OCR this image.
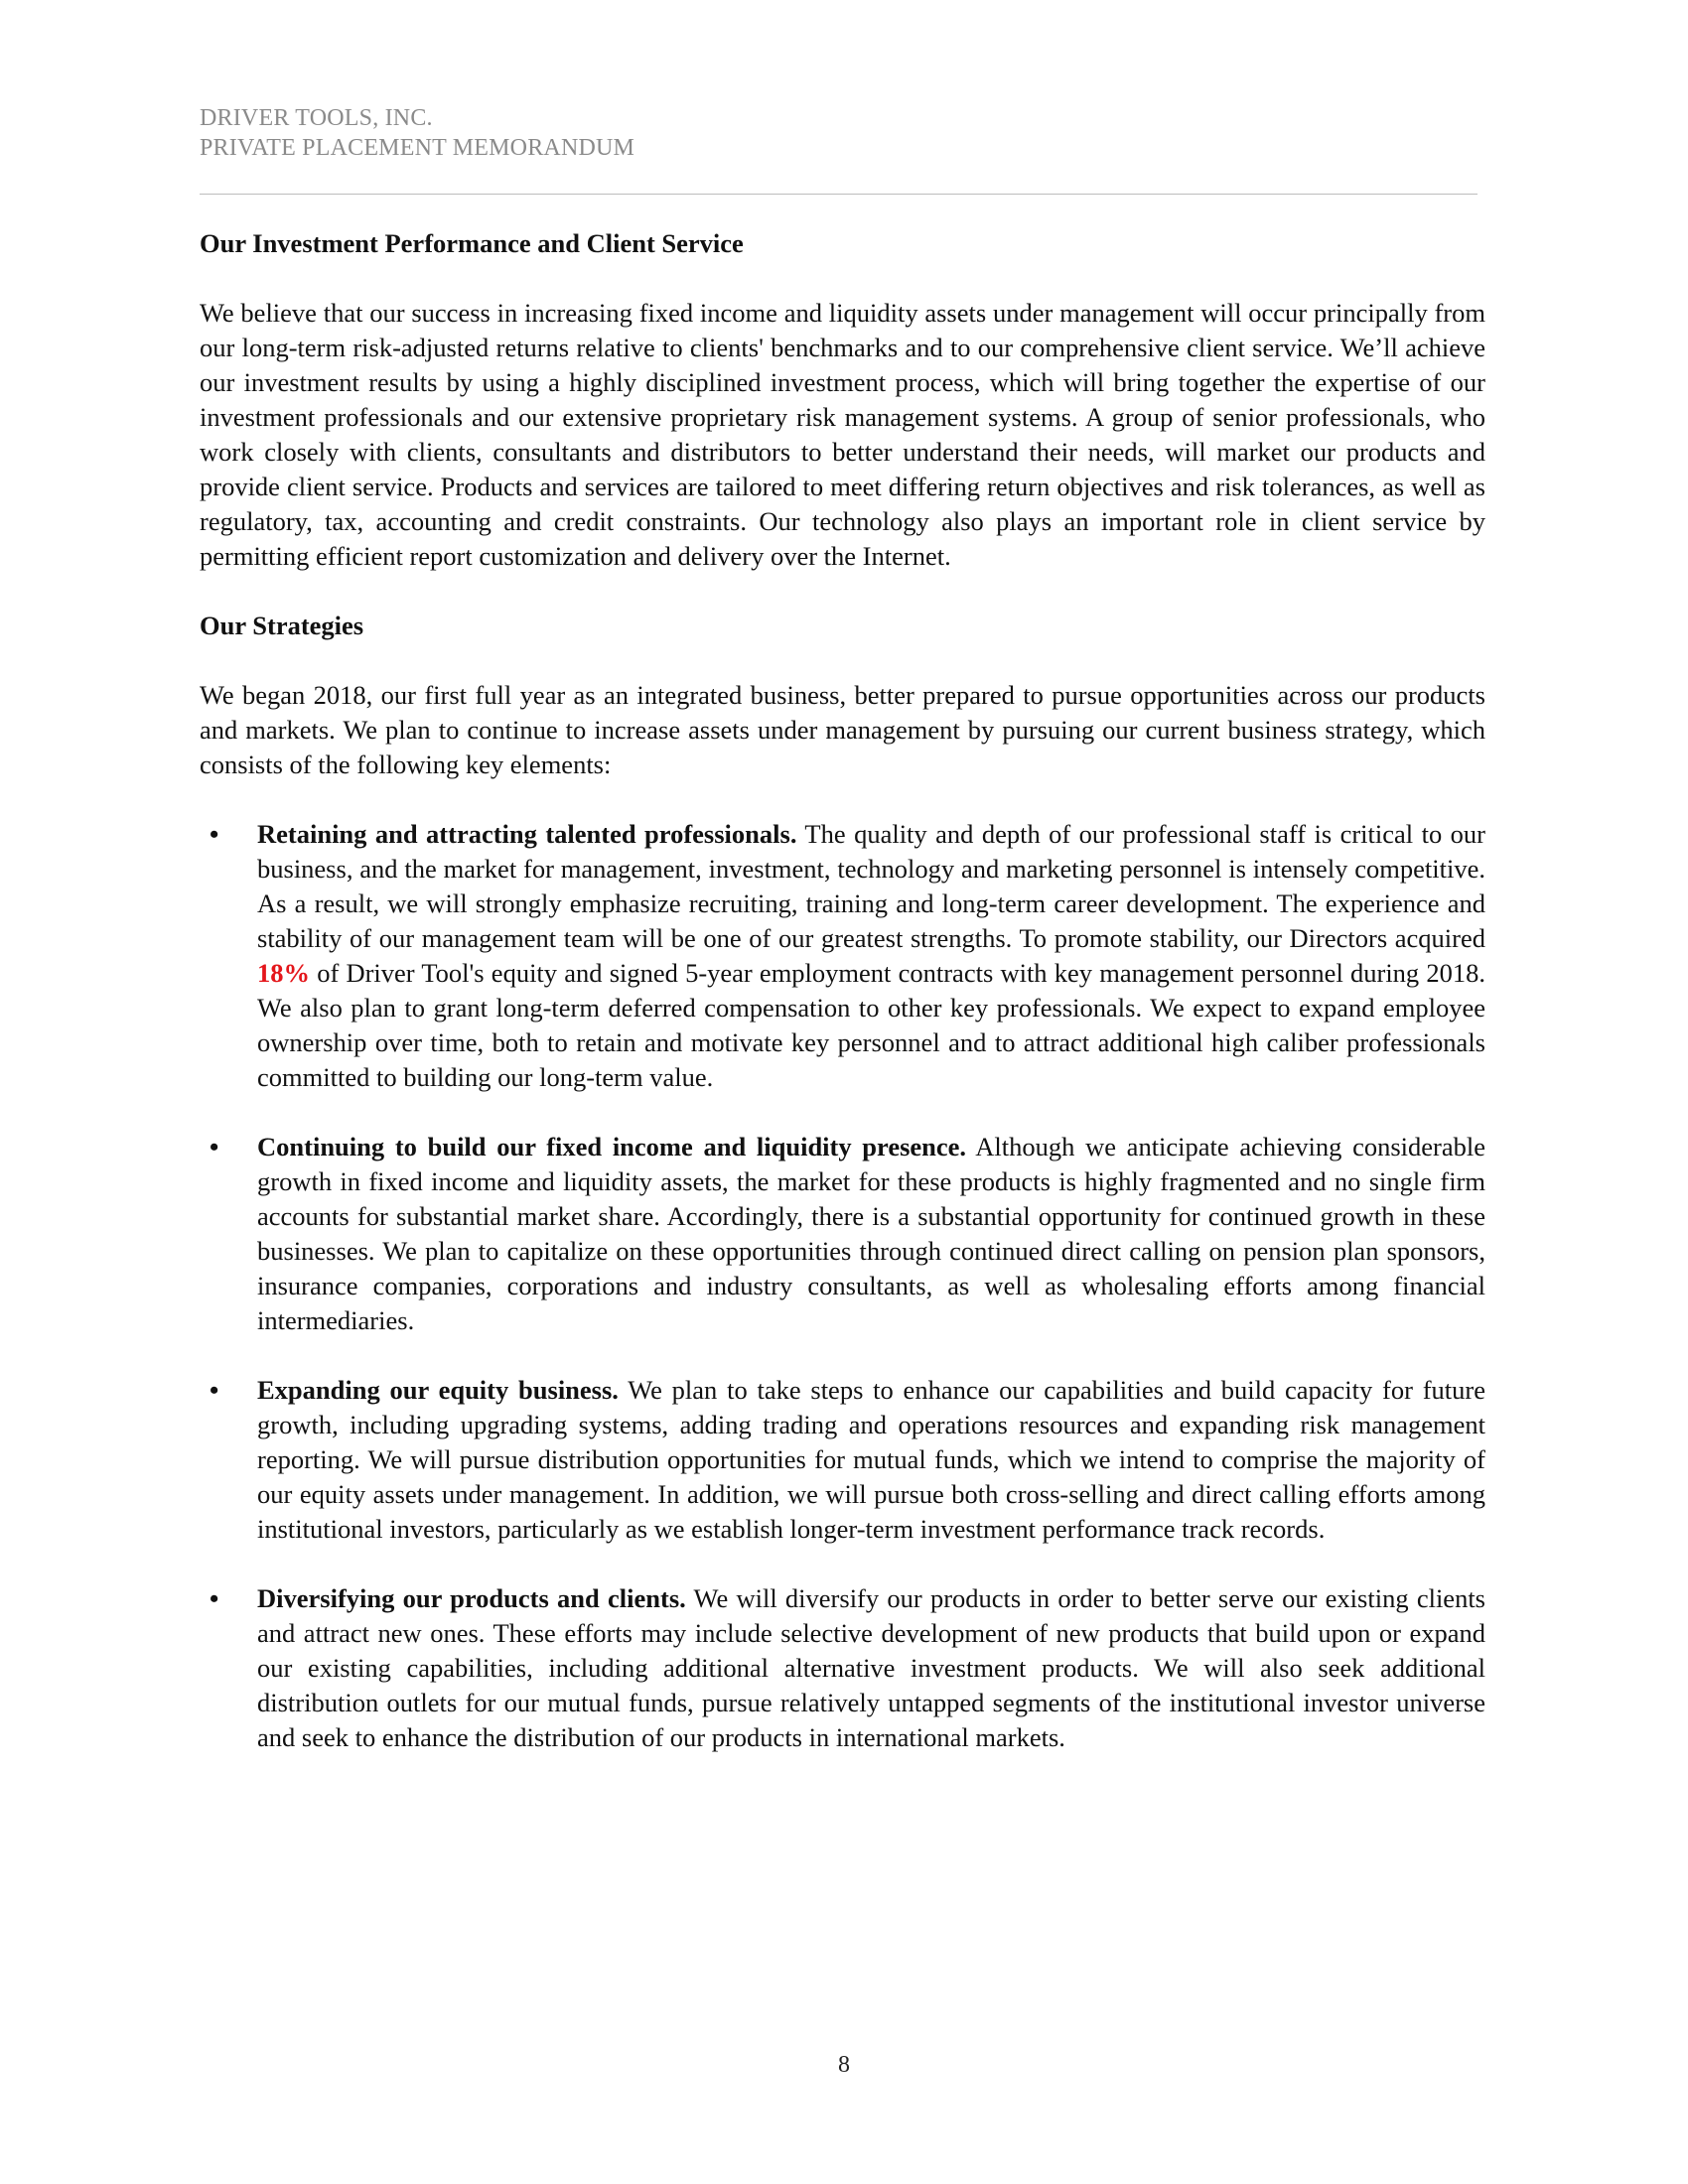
DRIVER TOOLS, INC.
PRIVATE PLACEMENT MEMORANDUM
Our Investment Performance and Client Service

We believe that our success in increasing fixed income and liquidity assets under management will occur principally from our long-term risk-adjusted returns relative to clients' benchmarks and to our comprehensive client service. We’ll achieve our investment results by using a highly disciplined investment process, which will bring together the expertise of our investment professionals and our extensive proprietary risk management systems. A group of senior professionals, who work closely with clients, consultants and distributors to better understand their needs, will market our products and provide client service. Products and services are tailored to meet differing return objectives and risk tolerances, as well as regulatory, tax, accounting and credit constraints. Our technology also plays an important role in client service by permitting efficient report customization and delivery over the Internet.

Our Strategies

We began 2018, our first full year as an integrated business, better prepared to pursue opportunities across our products and markets. We plan to continue to increase assets under management by pursuing our current business strategy, which consists of the following key elements:

• Retaining and attracting talented professionals. The quality and depth of our professional staff is critical to our business, and the market for management, investment, technology and marketing personnel is intensely competitive. As a result, we will strongly emphasize recruiting, training and long-term career development. The experience and stability of our management team will be one of our greatest strengths. To promote stability, our Directors acquired 18% of Driver Tool's equity and signed 5-year employment contracts with key management personnel during 2018. We also plan to grant long-term deferred compensation to other key professionals. We expect to expand employee ownership over time, both to retain and motivate key personnel and to attract additional high caliber professionals committed to building our long-term value.
• Continuing to build our fixed income and liquidity presence. Although we anticipate achieving considerable growth in fixed income and liquidity assets, the market for these products is highly fragmented and no single firm accounts for substantial market share. Accordingly, there is a substantial opportunity for continued growth in these businesses. We plan to capitalize on these opportunities through continued direct calling on pension plan sponsors, insurance companies, corporations and industry consultants, as well as wholesaling efforts among financial intermediaries.
• Expanding our equity business. We plan to take steps to enhance our capabilities and build capacity for future growth, including upgrading systems, adding trading and operations resources and expanding risk management reporting. We will pursue distribution opportunities for mutual funds, which we intend to comprise the majority of our equity assets under management. In addition, we will pursue both cross-selling and direct calling efforts among institutional investors, particularly as we establish longer-term investment performance track records.
• Diversifying our products and clients. We will diversify our products in order to better serve our existing clients and attract new ones. These efforts may include selective development of new products that build upon or expand our existing capabilities, including additional alternative investment products. We will also seek additional distribution outlets for our mutual funds, pursue relatively untapped segments of the institutional investor universe and seek to enhance the distribution of our products in international markets.
8
